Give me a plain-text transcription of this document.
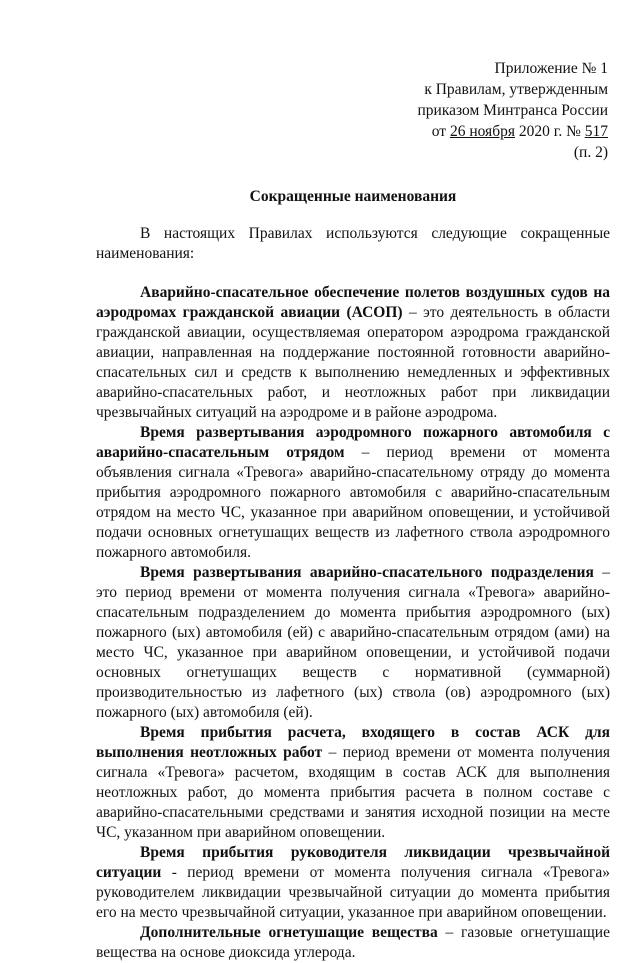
Приложение № 1
к Правилам, утвержденным
приказом Минтранса России
от 26 ноября 2020 г. № 517
(п. 2)
Сокращенные наименования

В настоящих Правилах используются следующие сокращенные наименования:

Аварийно-спасательное обеспечение полетов воздушных судов на аэродромах гражданской авиации (АСОП) – это деятельность в области гражданской авиации, осуществляемая оператором аэродрома гражданской авиации, направленная на поддержание постоянной готовности аварийно-спасательных сил и средств к выполнению немедленных и эффективных аварийно-спасательных работ, и неотложных работ при ликвидации чрезвычайных ситуаций на аэродроме и в районе аэродрома.

Время развертывания аэродромного пожарного автомобиля с аварийно-спасательным отрядом – период времени от момента объявления сигнала «Тревога» аварийно-спасательному отряду до момента прибытия аэродромного пожарного автомобиля с аварийно-спасательным отрядом на место ЧС, указанное при аварийном оповещении, и устойчивой подачи основных огнетушащих веществ из лафетного ствола аэродромного пожарного автомобиля.

Время развертывания аварийно-спасательного подразделения – это период времени от момента получения сигнала «Тревога» аварийно-спасательным подразделением до момента прибытия аэродромного (ых) пожарного (ых) автомобиля (ей) с аварийно-спасательным отрядом (ами) на место ЧС, указанное при аварийном оповещении, и устойчивой подачи основных огнетушащих веществ с нормативной (суммарной) производительностью из лафетного (ых) ствола (ов) аэродромного (ых) пожарного (ых) автомобиля (ей).

Время прибытия расчета, входящего в состав АСК для выполнения неотложных работ – период времени от момента получения сигнала «Тревога» расчетом, входящим в состав АСК для выполнения неотложных работ, до момента прибытия расчета в полном составе с аварийно-спасательными средствами и занятия исходной позиции на месте ЧС, указанном при аварийном оповещении.

Время прибытия руководителя ликвидации чрезвычайной ситуации - период времени от момента получения сигнала «Тревога» руководителем ликвидации чрезвычайной ситуации до момента прибытия его на место чрезвычайной ситуации, указанное при аварийном оповещении.

Дополнительные огнетушащие вещества – газовые огнетушащие вещества на основе диоксида углерода.
